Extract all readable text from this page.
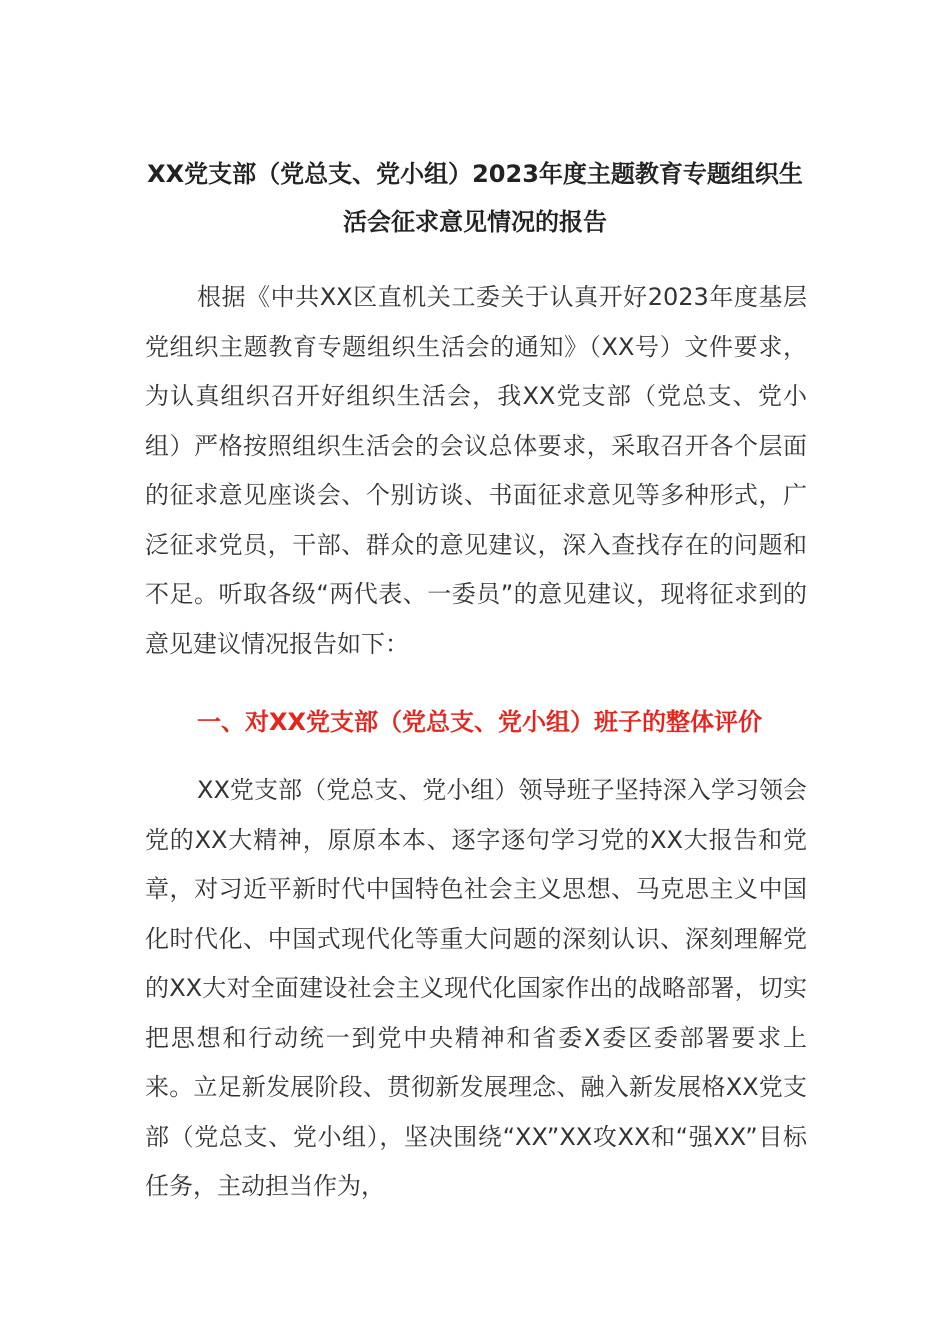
XX党支部（党总支、党小组）2023年度主题教育专题组织生活会征求意见情况的报告

根据《中共XX区直机关工委关于认真开好2023年度基层党组织主题教育专题组织生活会的通知》（XX号）文件要求，为认真组织召开好组织生活会，我XX党支部（党总支、党小组）严格按照组织生活会的会议总体要求，采取召开各个层面的征求意见座谈会、个别访谈、书面征求意见等多种形式，广泛征求党员，干部、群众的意见建议，深入查找存在的问题和不足。听取各级“两代表、一委员”的意见建议，现将征求到的意见建议情况报告如下：

一、对XX党支部（党总支、党小组）班子的整体评价

XX党支部（党总支、党小组）领导班子坚持深入学习领会党的XX大精神，原原本本、逐字逐句学习党的XX大报告和党章，对习近平新时代中国特色社会主义思想、马克思主义中国化时代化、中国式现代化等重大问题的深刻认识、深刻理解党的XX大对全面建设社会主义现代化国家作出的战略部署，切实把思想和行动统一到党中央精神和省委X委区委部署要求上来。立足新发展阶段、贯彻新发展理念、融入新发展格XX党支部（党总支、党小组），坚决围绕“XX”XX攻XX和“强XX”目标任务，主动担当作为，
